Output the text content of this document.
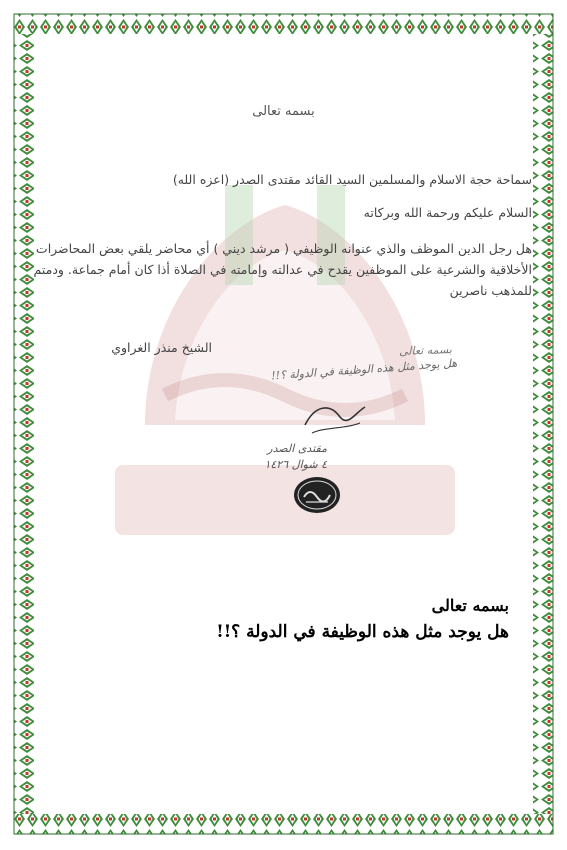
بسمه تعالى
سماحة حجة الاسلام والمسلمين السيد القائد مقتدى الصدر (اعزه الله)
السلام عليكم ورحمة الله وبركاته
هل رجل الدين الموظف والذي عنوانه الوظيفي ( مرشد ديني ) أي محاضر يلقي بعض المحاضرات الأخلاقية والشرعية على الموظفين يقدح في عدالته وإمامته في الصلاة أذا كان أمام جماعة. ودمتم للمذهب ناصرين
الشيخ منذر الغراوي	بسمه تعالى
هل يوجد مثل هذه الوظيفة في الدولة ؟!!
مقتدى الصدر
٤ شوال ١٤٢٦
بسمه تعالى
هل يوجد مثل هذه الوظيفة في الدولة ؟!!
